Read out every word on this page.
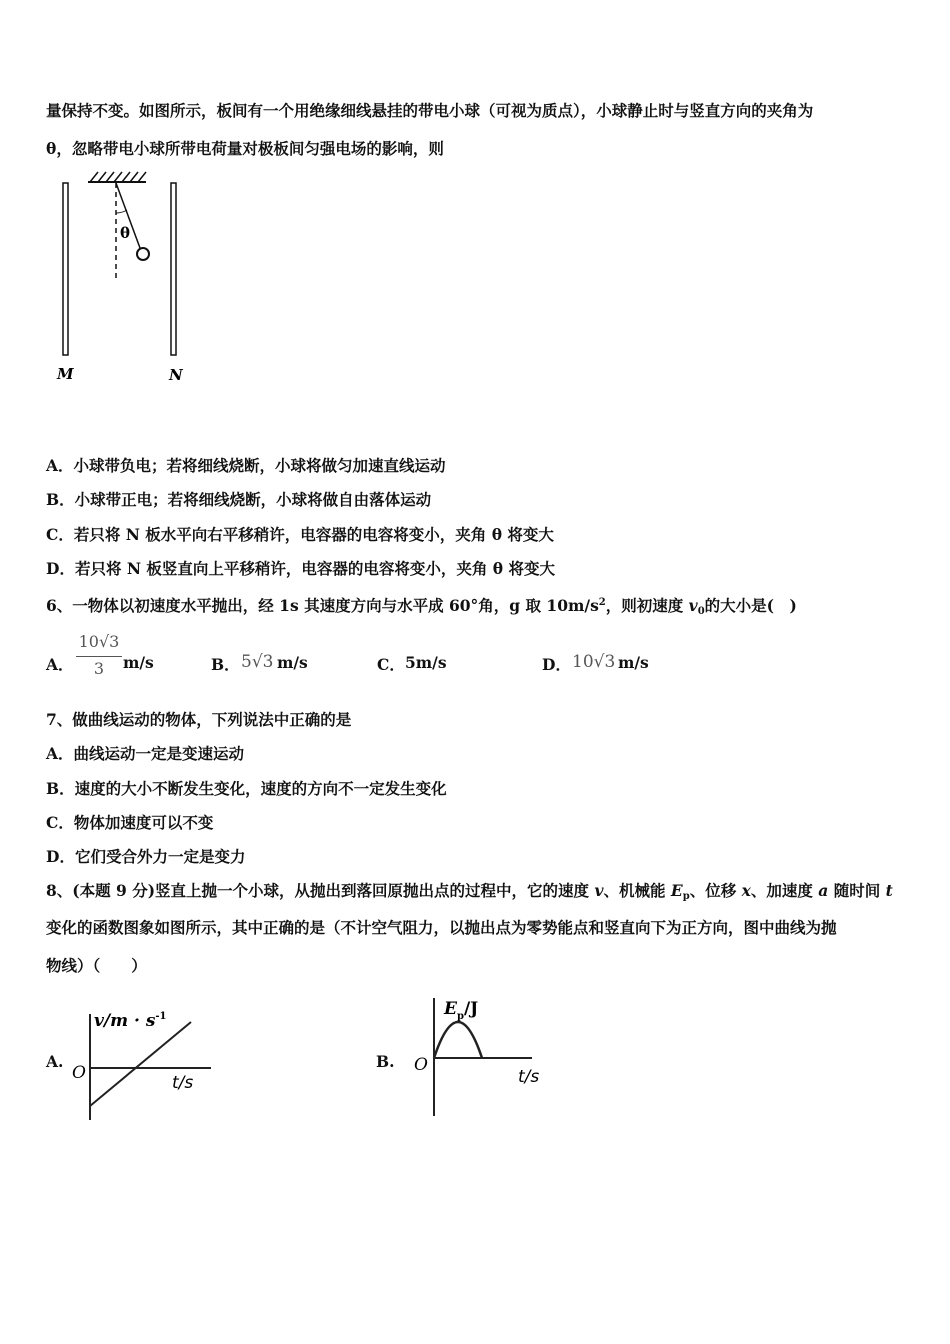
量保持不变。如图所示，板间有一个用绝缘细线悬挂的带电小球（可视为质点），小球静止时与竖直方向的夹角为
θ，忽略带电小球所带电荷量对极板间匀强电场的影响，则
θ
M	N
A．小球带负电；若将细线烧断，小球将做匀加速直线运动
B．小球带正电；若将细线烧断，小球将做自由落体运动
C．若只将 N 板水平向右平移稍许，电容器的电容将变小，夹角 θ 将变大
D．若只将 N 板竖直向上平移稍许，电容器的电容将变小，夹角 θ 将变大
6、一物体以初速度水平抛出，经 1s 其速度方向与水平成 60°角，g 取 $10m/s^2$，则初速度 $v_0$的大小是(　)
A．
10√3
3	m/s	B． 5√3 m/s	C． 5m/s	D． 10√3 m/s
7、做曲线运动的物体，下列说法中正确的是
A．曲线运动一定是变速运动
B．速度的大小不断发生变化，速度的方向不一定发生变化
C．物体加速度可以不变
D．它们受合外力一定是变力
8、(本题 9 分)竖直上抛一个小球，从抛出到落回原抛出点的过程中，它的速度 v、机械能 $E_p$、位移 x、加速度 a 随时间 t
变化的函数图象如图所示，其中正确的是（不计空气阻力，以抛出点为零势能点和竖直向下为正方向，图中曲线为抛
物线）（　　）
A.
$v/m \cdot s^{-1}$
O	t/s
B.
$E_p/J$
O
t/s
